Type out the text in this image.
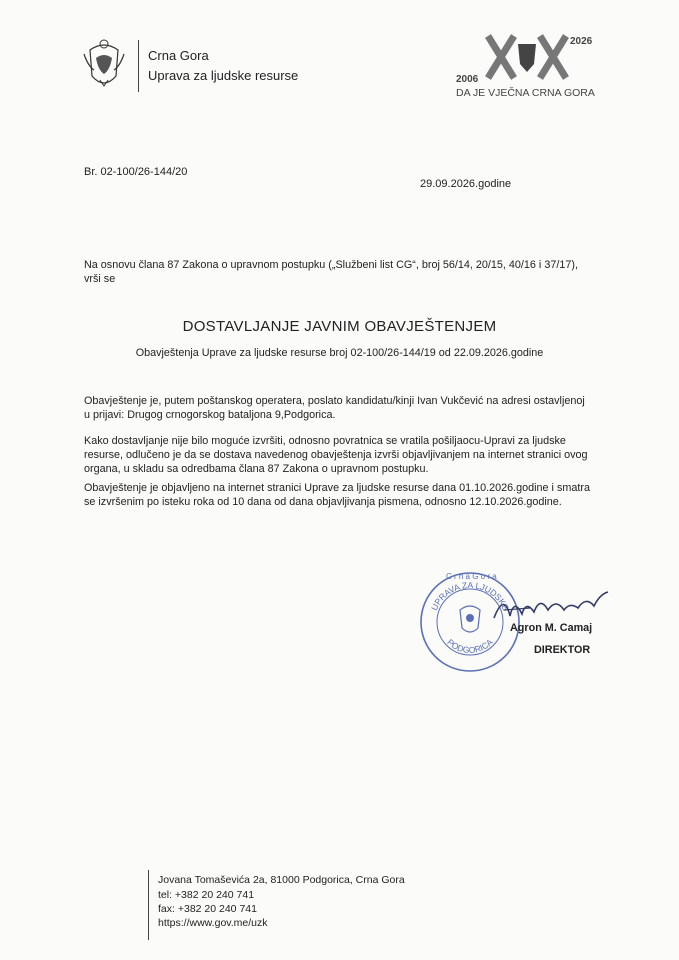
Crna Gora
Uprava za ljudske resurse
2026
2006
DA JE VJEČNA CRNA GORA
Br. 02-100/26-144/20
29.09.2026.godine
Na osnovu člana 87 Zakona o upravnom postupku („Službeni list CG“, broj 56/14, 20/15, 40/16 i 37/17), vrši se
DOSTAVLJANJE JAVNIM OBAVJEŠTENJEM
Obavještenja Uprave za ljudske resurse broj 02-100/26-144/19 od 22.09.2026.godine
Obavještenje je, putem poštanskog operatera, poslato kandidatu/kinji Ivan Vukčević na adresi ostavljenoj u prijavi: Drugog crnogorskog bataljona 9,Podgorica.
Kako dostavljanje nije bilo moguće izvršiti, odnosno povratnica se vratila pošiljaocu-Upravi za ljudske resurse, odlučeno je da se dostava navedenog obavještenja izvrši objavljivanjem na internet stranici ovog organa, u skladu sa odredbama člana 87 Zakona o upravnom postupku.
Obavještenje je objavljeno na internet stranici Uprave za ljudske resurse dana 01.10.2026.godine i smatra se izvršenim po isteku roka od 10 dana od dana objavljivanja pismena, odnosno 12.10.2026.godine.
UPRAVA ZA LJUDSKE
PODGORICA
C r n a G o r a
Agron M. Camaj
DIREKTOR
Jovana Tomaševića 2a, 81000 Podgorica, Crna Gora
tel: +382 20 240 741
fax: +382 20 240 741
https://www.gov.me/uzk
